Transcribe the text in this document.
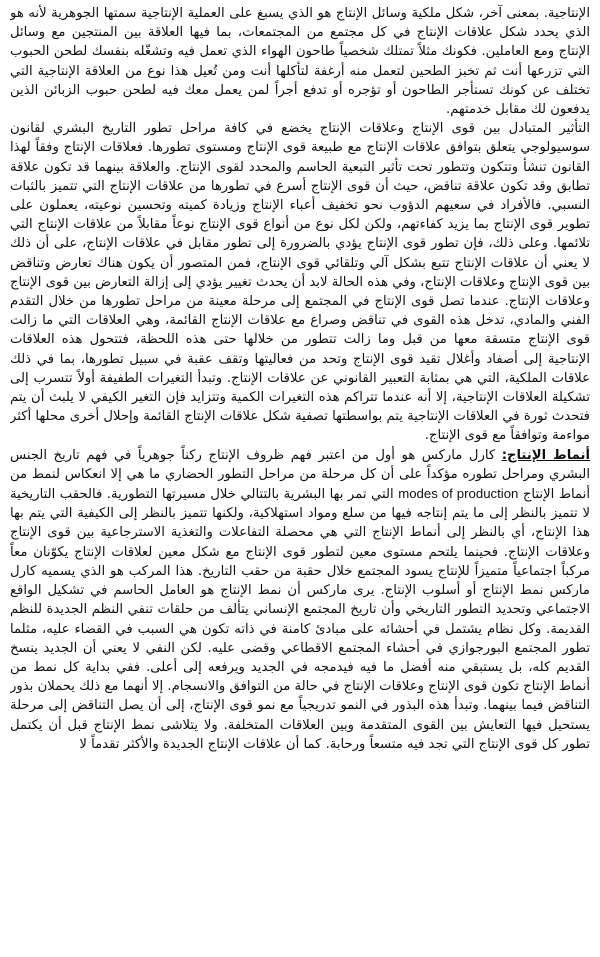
الإنتاجية. بمعنى آخر، شكل ملكية وسائل الإنتاج هو الذي يسبغ على العملية الإنتاجية سمتها الجوهرية لأنه هو الذي يحدد شكل علاقات الإنتاج في كل مجتمع من المجتمعات، بما فيها العلاقة بين المنتجين مع وسائل الإنتاج ومع العاملين. فكونك مثلاً تمتلك شخصياً طاحون الهواء الذي تعمل فيه وتشغّله بنفسك لطحن الحبوب التي تزرعها أنت ثم تخبز الطحين لتعمل منه أرغفة لتأكلها أنت ومن تُعيل هذا نوع من العلاقة الإنتاجية التي تختلف عن كونك تستأجر الطاحون أو تؤجره أو تدفع أجراً لمن يعمل معك فيه لطحن حبوب الزبائن الذين يدفعون لك مقابل خدمتهم.

التأثير المتبادل بين قوى الإنتاج وعلاقات الإنتاج يخضع في كافة مراحل تطور التاريخ البشري لقانون سوسيولوجي يتعلق بتوافق علاقات الإنتاج مع طبيعة قوى الإنتاج ومستوى تطورها. فعلاقات الإنتاج وفقاً لهذا القانون تنشأ وتتكون وتتطور تحت تأثير التبعية الحاسم والمحدد لقوى الإنتاج. والعلاقة بينهما قد تكون علاقة تطابق وقد تكون علاقة تناقض، حيث أن قوى الإنتاج أسرع في تطورها من علاقات الإنتاج التي تتميز بالثبات النسبي. فالأفراد في سعيهم الدؤوب نحو تخفيف أعباء الإنتاج وزيادة كميته وتحسين نوعيته، يعملون على تطوير قوى الإنتاج بما يزيد كفاءتهم، ولكن لكل نوع من أنواع قوى الإنتاج نوعاً مقابلاً من علاقات الإنتاج التي تلائمها. وعلى ذلك، فإن تطور قوى الإنتاج يؤدي بالضرورة إلى تطور مقابل في علاقات الإنتاج، على أن ذلك لا يعني أن علاقات الإنتاج تتبع بشكل آلي وتلقائي قوى الإنتاج، فمن المتصور أن يكون هناك تعارض وتناقض بين قوى الإنتاج وعلاقات الإنتاج، وفي هذه الحالة لابد أن يحدث تغيير يؤدي إلى إزالة التعارض بين قوى الإنتاج وعلاقات الإنتاج. عندما تصل قوى الإنتاج في المجتمع إلى مرحلة معينة من مراحل تطورها من خلال التقدم الفني والمادي، تدخل هذه القوى في تناقض وصراع مع علاقات الإنتاج القائمة، وهي العلاقات التي ما زالت قوى الإنتاج متسقة معها من قبل وما زالت تتطور من خلالها حتى هذه اللحظة، فتتحول هذه العلاقات الإنتاجية إلى أصفاد وأغلال تقيد قوى الإنتاج وتحد من فعاليتها وتقف عقبة في سبيل تطورها، بما في ذلك علاقات الملكية، التي هي بمثابة التعبير القانوني عن علاقات الإنتاج. وتبدأ التغيرات الطفيفة أولاً تتسرب إلى تشكيلة العلاقات الإنتاجية، إلا أنه عندما تتراكم هذه التغيرات الكمية وتتزايد فإن التغير الكيفي لا يلبث أن يتم فتحدث ثورة في العلاقات الإنتاجية يتم بواسطتها تصفية شكل علاقات الإنتاج القائمة وإحلال أخرى محلها أكثر مواءمة وتوافقاً مع قوى الإنتاج.

أنماط الإنتاج: كارل ماركس هو أول من اعتبر فهم ظروف الإنتاج ركناً جوهرياً في فهم تاريخ الجنس البشري ومراحل تطوره مؤكداً على أن كل مرحلة من مراحل التطور الحضاري ما هي إلا انعكاس لنمط من أنماط الإنتاج modes of production التي تمر بها البشرية بالتتالي خلال مسيرتها التطورية. فالحقب التاريخية لا تتميز بالنظر إلى ما يتم إنتاجه فيها من سلع ومواد استهلاكية، ولكنها تتميز بالنظر إلى الكيفية التي يتم بها هذا الإنتاج، أي بالنظر إلى أنماط الإنتاج التي هي محصلة التفاعلات والتغذية الاسترجاعية بين قوى الإنتاج وعلاقات الإنتاج. فحينما يلتحم مستوى معين لتطور قوى الإنتاج مع شكل معين لعلاقات الإنتاج يكوّنان معاً مركباً اجتماعياً متميزاً للإنتاج يسود المجتمع خلال حقبة من حقب التاريخ. هذا المركب هو الذي يسميه كارل ماركس نمط الإنتاج أو أسلوب الإنتاج. يرى ماركس أن نمط الإنتاج هو العامل الحاسم في تشكيل الواقع الاجتماعي وتحديد التطور التاريخي وأن تاريخ المجتمع الإنساني يتألف من حلقات تنفي النظم الجديدة للنظم القديمة. وكل نظام يشتمل في أحشائه على مبادئ كامنة في ذاته تكون هي السبب في القضاء عليه، مثلما تطور المجتمع البورجوازي في أحشاء المجتمع الاقطاعي وقضى عليه. لكن النفي لا يعني أن الجديد ينسخ القديم كله، بل يستبقي منه أفضل ما فيه فيدمجه في الجديد ويرفعه إلى أعلى. ففي بداية كل نمط من أنماط الإنتاج تكون قوى الإنتاج وعلاقات الإنتاج في حالة من التوافق والانسجام. إلا أنهما مع ذلك يحملان بذور التناقض فيما بينهما. وتبدأ هذه البذور في النمو تدريجياً مع نمو قوى الإنتاج، إلى أن يصل التناقض إلى مرحلة يستحيل فيها التعايش بين القوى المتقدمة وبين العلاقات المتخلفة. ولا يتلاشى نمط الإنتاج قبل أن يكتمل تطور كل قوى الإنتاج التي تجد فيه متسعاً ورحابة. كما أن علاقات الإنتاج الجديدة والأكثر تقدماً لا
